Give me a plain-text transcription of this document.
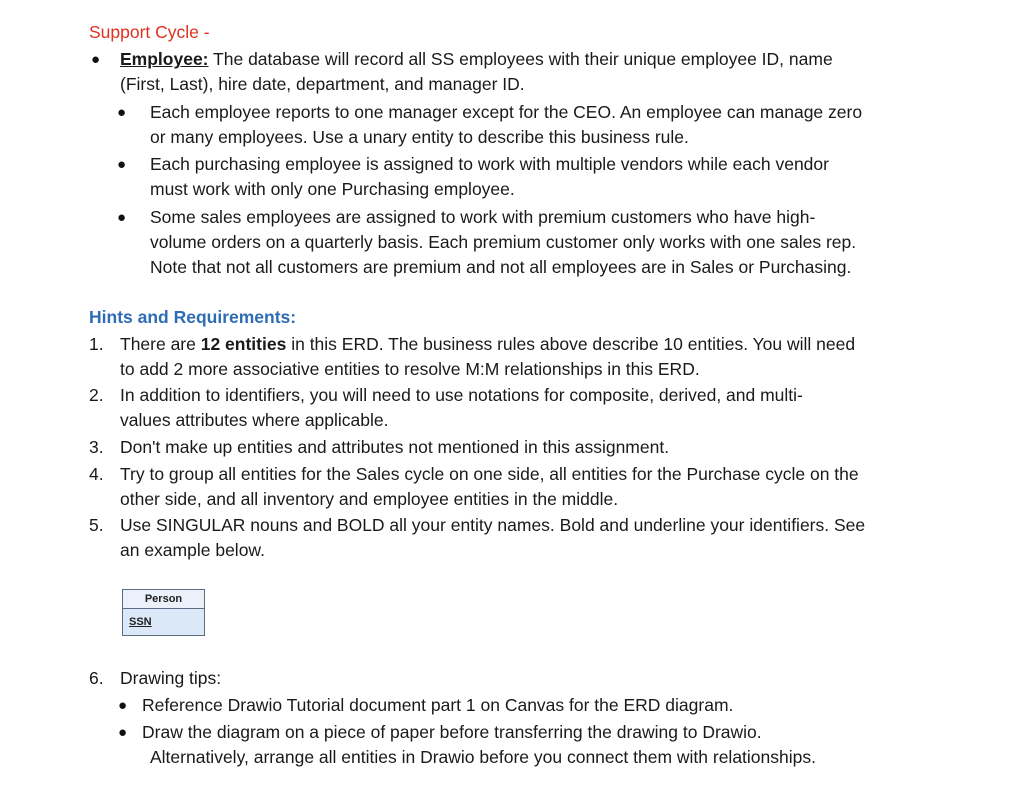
Support Cycle -
● Employee: The database will record all SS employees with their unique employee ID, name
(First, Last), hire date, department, and manager ID.
● Each employee reports to one manager except for the CEO. An employee can manage zero
or many employees. Use a unary entity to describe this business rule.
● Each purchasing employee is assigned to work with multiple vendors while each vendor
must work with only one Purchasing employee.
● Some sales employees are assigned to work with premium customers who have high-
volume orders on a quarterly basis. Each premium customer only works with one sales rep.
Note that not all customers are premium and not all employees are in Sales or Purchasing.
Hints and Requirements:
1. There are 12 entities in this ERD. The business rules above describe 10 entities. You will need
to add 2 more associative entities to resolve M:M relationships in this ERD.
2. In addition to identifiers, you will need to use notations for composite, derived, and multi-
values attributes where applicable.
3. Don't make up entities and attributes not mentioned in this assignment.
4. Try to group all entities for the Sales cycle on one side, all entities for the Purchase cycle on the
other side, and all inventory and employee entities in the middle.
5. Use SINGULAR nouns and BOLD all your entity names. Bold and underline your identifiers. See
an example below.
Person
SSN
6. Drawing tips:
● Reference Drawio Tutorial document part 1 on Canvas for the ERD diagram.
● Draw the diagram on a piece of paper before transferring the drawing to Drawio.
Alternatively, arrange all entities in Drawio before you connect them with relationships.
